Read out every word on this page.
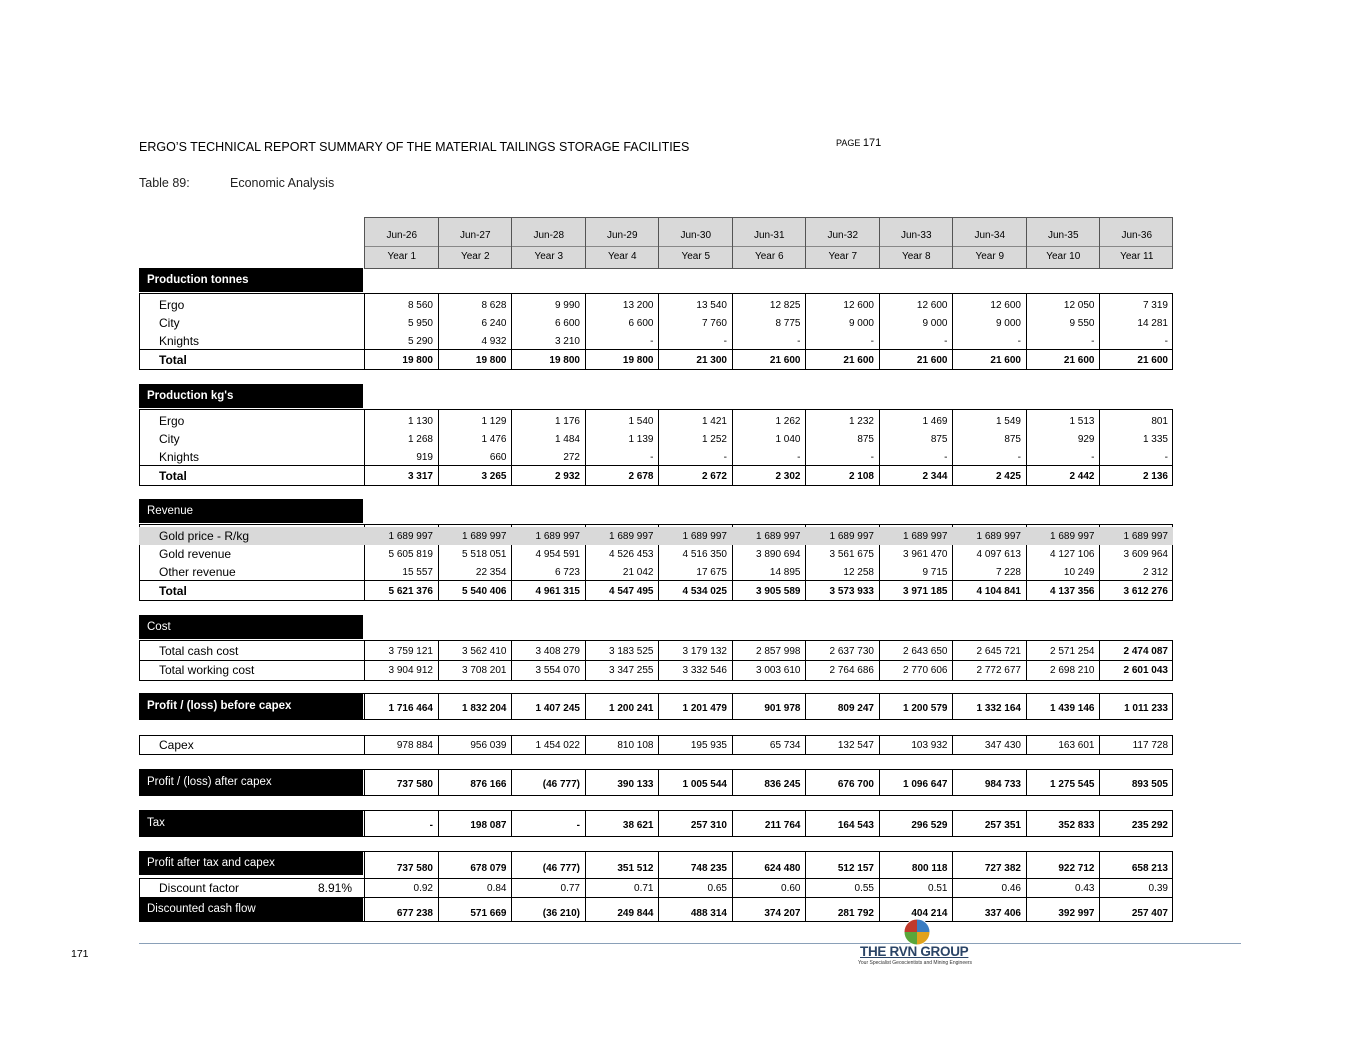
ERGO’S TECHNICAL REPORT SUMMARY OF THE MATERIAL TAILINGS STORAGE FACILITIES	PAGE 171
Table 89:	Economic Analysis
Jun-26	Jun-27	Jun-28	Jun-29	Jun-30	Jun-31	Jun-32	Jun-33	Jun-34	Jun-35	Jun-36
Year 1	Year 2	Year 3	Year 4	Year 5	Year 6	Year 7	Year 8	Year 9	Year 10	Year 11
Production tonnes
Ergo	8 560	8 628	9 990	13 200	13 540	12 825	12 600	12 600	12 600	12 050	7 319
City	5 950	6 240	6 600	6 600	7 760	8 775	9 000	9 000	9 000	9 550	14 281
Knights	5 290	4 932	3 210	-	-	-	-	-	-	-	-
Total	19 800	19 800	19 800	19 800	21 300	21 600	21 600	21 600	21 600	21 600	21 600
Production kg's
Ergo	1 130	1 129	1 176	1 540	1 421	1 262	1 232	1 469	1 549	1 513	801
City	1 268	1 476	1 484	1 139	1 252	1 040	875	875	875	929	1 335
Knights	919	660	272	-	-	-	-	-	-	-	-
Total	3 317	3 265	2 932	2 678	2 672	2 302	2 108	2 344	2 425	2 442	2 136
Revenue
Gold price - R/kg	1 689 997	1 689 997	1 689 997	1 689 997	1 689 997	1 689 997	1 689 997	1 689 997	1 689 997	1 689 997	1 689 997
Gold revenue	5 605 819	5 518 051	4 954 591	4 526 453	4 516 350	3 890 694	3 561 675	3 961 470	4 097 613	4 127 106	3 609 964
Other revenue	15 557	22 354	6 723	21 042	17 675	14 895	12 258	9 715	7 228	10 249	2 312
Total	5 621 376	5 540 406	4 961 315	4 547 495	4 534 025	3 905 589	3 573 933	3 971 185	4 104 841	4 137 356	3 612 276
Cost
Total cash cost	3 759 121	3 562 410	3 408 279	3 183 525	3 179 132	2 857 998	2 637 730	2 643 650	2 645 721	2 571 254	2 474 087
Total working cost	3 904 912	3 708 201	3 554 070	3 347 255	3 332 546	3 003 610	2 764 686	2 770 606	2 772 677	2 698 210	2 601 043
Profit / (loss) before capex	1 716 464	1 832 204	1 407 245	1 200 241	1 201 479	901 978	809 247	1 200 579	1 332 164	1 439 146	1 011 233
Capex	978 884	956 039	1 454 022	810 108	195 935	65 734	132 547	103 932	347 430	163 601	117 728
Profit / (loss) after capex	737 580	876 166	(46 777)	390 133	1 005 544	836 245	676 700	1 096 647	984 733	1 275 545	893 505
Tax	-	198 087	-	38 621	257 310	211 764	164 543	296 529	257 351	352 833	235 292
Profit after tax and capex	737 580	678 079	(46 777)	351 512	748 235	624 480	512 157	800 118	727 382	922 712	658 213
Discount factor	0.92	0.84	0.77	0.71	0.65	0.60	0.55	0.51	0.46	0.43	0.39
8.91%
Discounted cash flow	677 238	571 669	(36 210)	249 844	488 314	374 207	281 792	404 214	337 406	392 997	257 407
171	THE RVN GROUP
Your Specialist Geoscientists and Mining Engineers
